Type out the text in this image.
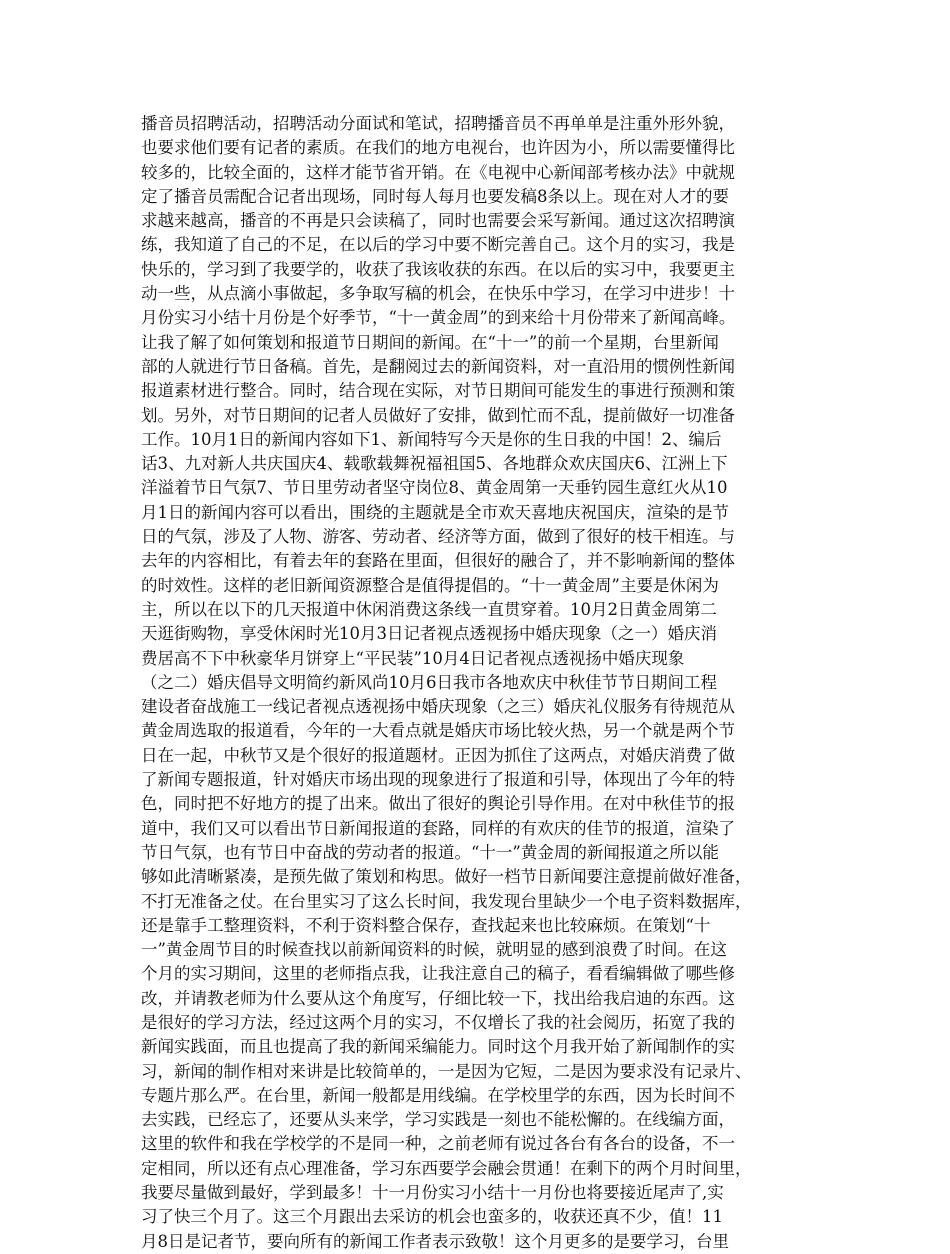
播音员招聘活动，招聘活动分面试和笔试，招聘播音员不再单单是注重外形外貌，
也要求他们要有记者的素质。在我们的地方电视台，也许因为小，所以需要懂得比
较多的，比较全面的，这样才能节省开销。在《电视中心新闻部考核办法》中就规
定了播音员需配合记者出现场，同时每人每月也要发稿8条以上。现在对人才的要
求越来越高，播音的不再是只会读稿了，同时也需要会采写新闻。通过这次招聘演
练，我知道了自己的不足，在以后的学习中要不断完善自己。这个月的实习，我是
快乐的，学习到了我要学的，收获了我该收获的东西。在以后的实习中，我要更主
动一些，从点滴小事做起，多争取写稿的机会，在快乐中学习，在学习中进步！十
月份实习小结十月份是个好季节，“十一黄金周”的到来给十月份带来了新闻高峰。
让我了解了如何策划和报道节日期间的新闻。在“十一”的前一个星期，台里新闻
部的人就进行节日备稿。首先，是翻阅过去的新闻资料，对一直沿用的惯例性新闻
报道素材进行整合。同时，结合现在实际，对节日期间可能发生的事进行预测和策
划。另外，对节日期间的记者人员做好了安排，做到忙而不乱，提前做好一切准备
工作。10月1日的新闻内容如下1、新闻特写今天是你的生日我的中国！2、编后
话3、九对新人共庆国庆4、载歌载舞祝福祖国5、各地群众欢庆国庆6、江洲上下
洋溢着节日气氛7、节日里劳动者坚守岗位8、黄金周第一天垂钓园生意红火从10
月1日的新闻内容可以看出，围绕的主题就是全市欢天喜地庆祝国庆，渲染的是节
日的气氛，涉及了人物、游客、劳动者、经济等方面，做到了很好的枝干相连。与
去年的内容相比，有着去年的套路在里面，但很好的融合了，并不影响新闻的整体
的时效性。这样的老旧新闻资源整合是值得提倡的。“十一黄金周”主要是休闲为
主，所以在以下的几天报道中休闲消费这条线一直贯穿着。10月2日黄金周第二
天逛街购物，享受休闲时光10月3日记者视点透视扬中婚庆现象（之一）婚庆消
费居高不下中秋豪华月饼穿上“平民装”10月4日记者视点透视扬中婚庆现象
（之二）婚庆倡导文明简约新风尚10月6日我市各地欢庆中秋佳节节日期间工程
建设者奋战施工一线记者视点透视扬中婚庆现象（之三）婚庆礼仪服务有待规范从
黄金周选取的报道看，今年的一大看点就是婚庆市场比较火热，另一个就是两个节
日在一起，中秋节又是个很好的报道题材。正因为抓住了这两点，对婚庆消费了做
了新闻专题报道，针对婚庆市场出现的现象进行了报道和引导，体现出了今年的特
色，同时把不好地方的提了出来。做出了很好的舆论引导作用。在对中秋佳节的报
道中，我们又可以看出节日新闻报道的套路，同样的有欢庆的佳节的报道，渲染了
节日气氛，也有节日中奋战的劳动者的报道。“十一”黄金周的新闻报道之所以能
够如此清晰紧凑，是预先做了策划和构思。做好一档节日新闻要注意提前做好准备，
不打无准备之仗。在台里实习了这么长时间，我发现台里缺少一个电子资料数据库，
还是靠手工整理资料，不利于资料整合保存，查找起来也比较麻烦。在策划“十
一”黄金周节目的时候查找以前新闻资料的时候，就明显的感到浪费了时间。在这
个月的实习期间，这里的老师指点我，让我注意自己的稿子，看看编辑做了哪些修
改，并请教老师为什么要从这个角度写，仔细比较一下，找出给我启迪的东西。这
是很好的学习方法，经过这两个月的实习，不仅增长了我的社会阅历，拓宽了我的
新闻实践面，而且也提高了我的新闻采编能力。同时这个月我开始了新闻制作的实
习，新闻的制作相对来讲是比较简单的，一是因为它短，二是因为要求没有记录片、
专题片那么严。在台里，新闻一般都是用线编。在学校里学的东西，因为长时间不
去实践，已经忘了，还要从头来学，学习实践是一刻也不能松懈的。在线编方面，
这里的软件和我在学校学的不是同一种，之前老师有说过各台有各台的设备，不一
定相同，所以还有点心理准备，学习东西要学会融会贯通！在剩下的两个月时间里，
我要尽量做到最好，学到最多！十一月份实习小结十一月份也将要接近尾声了,实
习了快三个月了。这三个月跟出去采访的机会也蛮多的，收获还真不少，值！11
月8日是记者节，要向所有的新闻工作者表示致敬！这个月更多的是要学习，台里
